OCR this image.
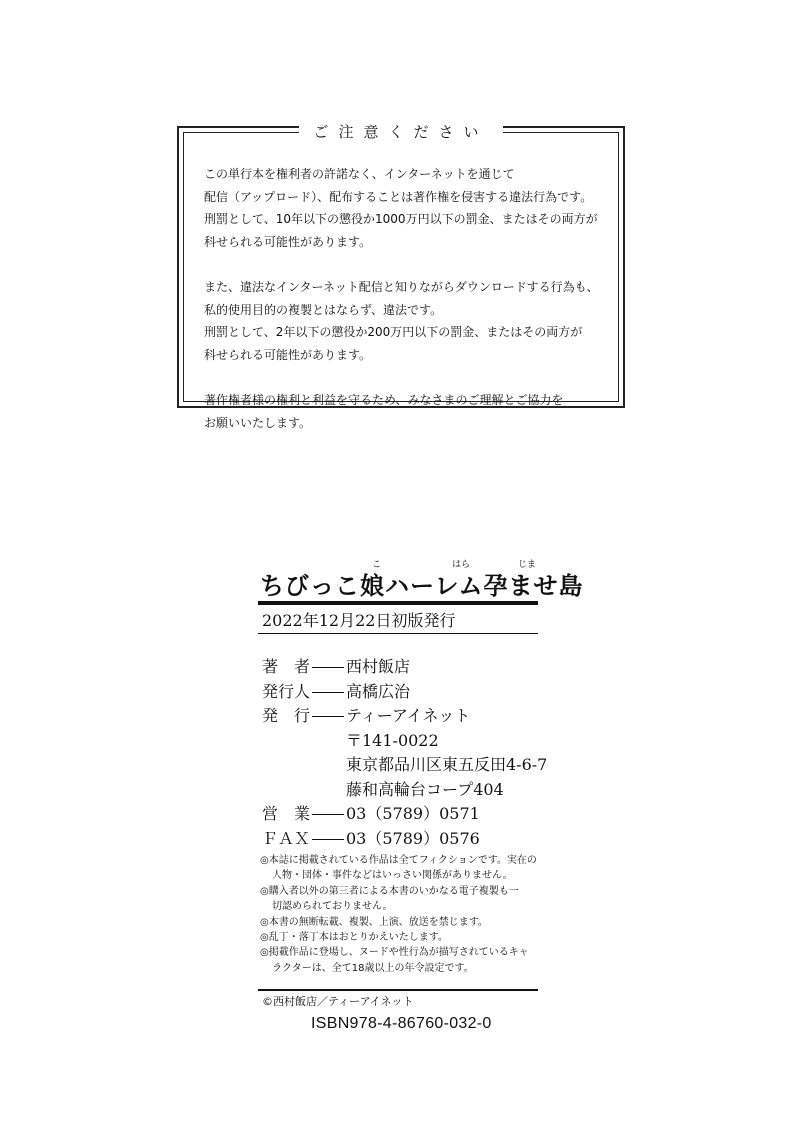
ご注意ください
この単行本を権利者の許諾なく、インターネットを通じて
配信（アップロード）、配布することは著作権を侵害する違法行為です。
刑罰として、10年以下の懲役か1000万円以下の罰金、またはその両方が
科せられる可能性があります。
また、違法なインターネット配信と知りながらダウンロードする行為も、
私的使用目的の複製とはならず、違法です。
刑罰として、2年以下の懲役か200万円以下の罰金、またはその両方が
科せられる可能性があります。
著作権者様の権利と利益を守るため、みなさまのご理解とご協力を
お願いいたします。
こ	はら	じま
ちびっこ娘ハーレム孕ませ島
2022年12月22日初版発行
著　者 西村飯店
発行人 高橋広治
発　行 ティーアイネット
〒141-0022
東京都品川区東五反田4-6-7
藤和高輪台コープ404
営　業 03（5789）0571
ＦＡＸ 03（5789）0576
◎本誌に掲載されている作品は全てフィクションです。実在の
人物・団体・事件などはいっさい関係がありません。
◎購入者以外の第三者による本書のいかなる電子複製も一
切認められておりません。
◎本書の無断転載、複製、上演、放送を禁じます。
◎乱丁・落丁本はおとりかえいたします。
◎掲載作品に登場し、ヌードや性行為が描写されているキャ
ラクターは、全て18歳以上の年令設定です。
©西村飯店／ティーアイネット
ISBN978-4-86760-032-0
